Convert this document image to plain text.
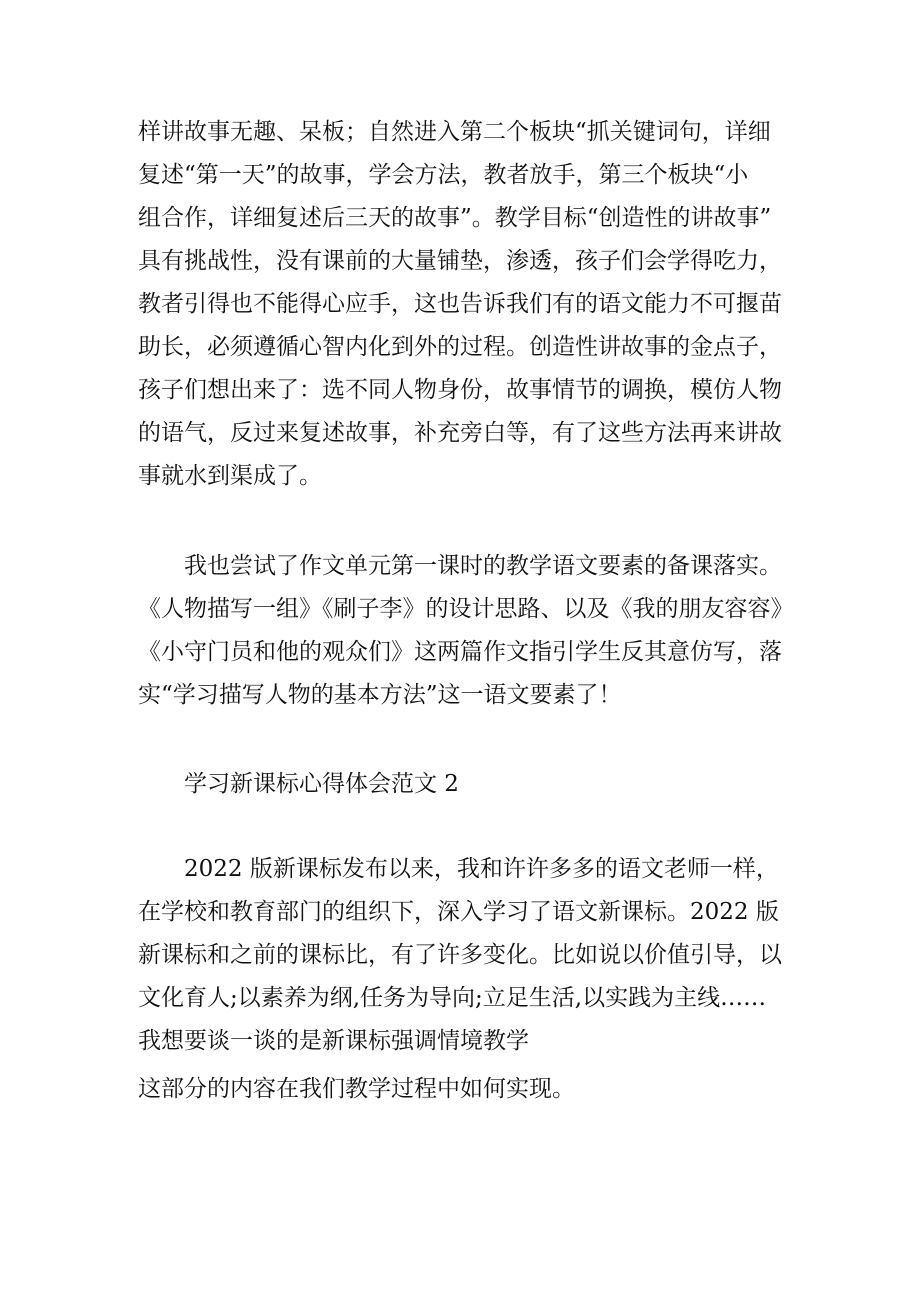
样讲故事无趣、呆板；自然进入第二个板块“抓关键词句，详细
复述“第一天”的故事，学会方法，教者放手，第三个板块“小
组合作，详细复述后三天的故事”。教学目标“创造性的讲故事”
具有挑战性，没有课前的大量铺垫，渗透，孩子们会学得吃力，
教者引得也不能得心应手，这也告诉我们有的语文能力不可揠苗
助长，必须遵循心智内化到外的过程。创造性讲故事的金点子，
孩子们想出来了：选不同人物身份，故事情节的调换，模仿人物
的语气，反过来复述故事，补充旁白等，有了这些方法再来讲故
事就水到渠成了。
　　我也尝试了作文单元第一课时的教学语文要素的备课落实。
《人物描写一组》《刷子李》的设计思路、以及《我的朋友容容》
《小守门员和他的观众们》这两篇作文指引学生反其意仿写，落
实“学习描写人物的基本方法”这一语文要素了！
　　学习新课标心得体会范文 2
　　2022 版新课标发布以来，我和许许多多的语文老师一样，
在学校和教育部门的组织下，深入学习了语文新课标。2022 版
新课标和之前的课标比，有了许多变化。比如说以价值引导，以
文化育人;以素养为纲,任务为导向;立足生活,以实践为主线……
我想要谈一谈的是新课标强调情境教学
这部分的内容在我们教学过程中如何实现。
